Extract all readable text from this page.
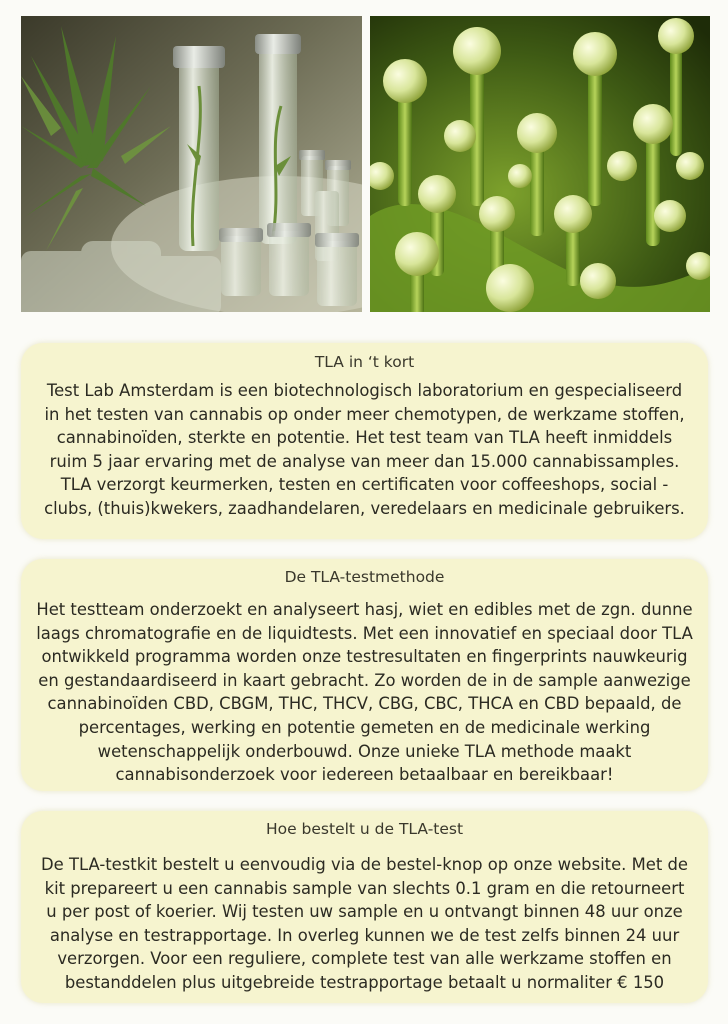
TLA in ‘t kort

Test Lab Amsterdam is een biotechnologisch laboratorium en gespecialiseerd
in het testen van cannabis op onder meer chemotypen, de werkzame stoffen,
cannabinoïden, sterkte en potentie. Het test team van TLA heeft inmiddels
ruim 5 jaar ervaring met de analyse van meer dan 15.000 cannabissamples.
TLA verzorgt keurmerken, testen en certificaten voor coffeeshops, social -
clubs, (thuis)kwekers, zaadhandelaren, veredelaars en medicinale gebruikers.

De TLA-testmethode

Het testteam onderzoekt en analyseert hasj, wiet en edibles met de zgn. dunne
laags chromatografie en de liquidtests. Met een innovatief en speciaal door TLA
ontwikkeld programma worden onze testresultaten en fingerprints nauwkeurig
en gestandaardiseerd in kaart gebracht. Zo worden de in de sample aanwezige
cannabinoïden CBD, CBGM, THC, THCV, CBG, CBC, THCA en CBD bepaald, de
percentages, werking en potentie gemeten en de medicinale werking
wetenschappelijk onderbouwd. Onze unieke TLA methode maakt
cannabisonderzoek voor iedereen betaalbaar en bereikbaar!

Hoe bestelt u de TLA-test

De TLA-testkit bestelt u eenvoudig via de bestel-knop op onze website. Met de
kit prepareert u een cannabis sample van slechts 0.1 gram en die retourneert
u per post of koerier. Wij testen uw sample en u ontvangt binnen 48 uur onze
analyse en testrapportage. In overleg kunnen we de test zelfs binnen 24 uur
verzorgen. Voor een reguliere, complete test van alle werkzame stoffen en
bestanddelen plus uitgebreide testrapportage betaalt u normaliter € 150
